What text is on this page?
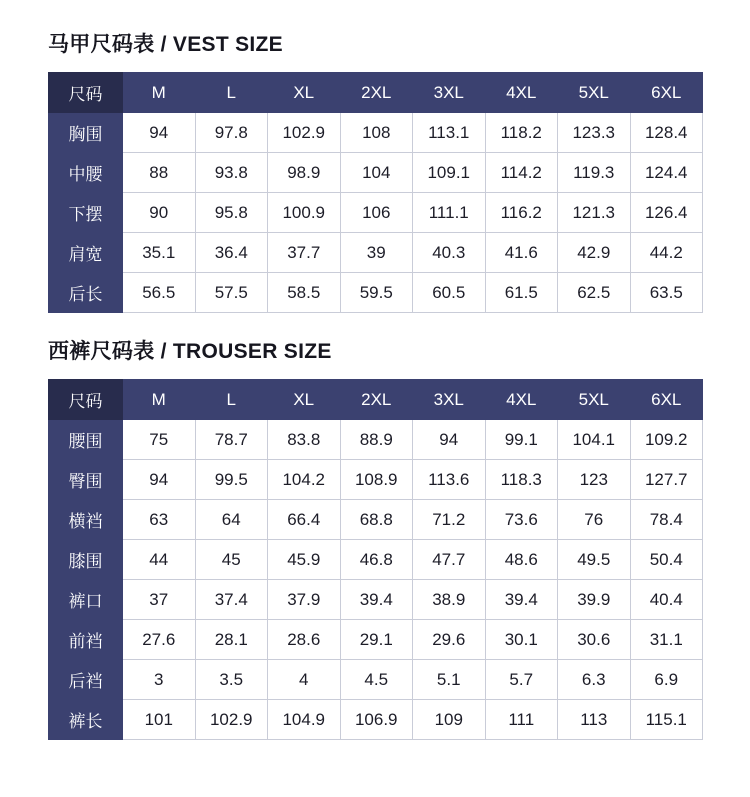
马甲尺码表 / VEST SIZE
尺码	M	L	XL	2XL	3XL	4XL	5XL	6XL
胸围	94	97.8	102.9	108	113.1	118.2	123.3	128.4
中腰	88	93.8	98.9	104	109.1	114.2	119.3	124.4
下摆	90	95.8	100.9	106	111.1	116.2	121.3	126.4
肩宽	35.1	36.4	37.7	39	40.3	41.6	42.9	44.2
后长	56.5	57.5	58.5	59.5	60.5	61.5	62.5	63.5
西裤尺码表 / TROUSER SIZE
尺码	M	L	XL	2XL	3XL	4XL	5XL	6XL
腰围	75	78.7	83.8	88.9	94	99.1	104.1	109.2
臀围	94	99.5	104.2	108.9	113.6	118.3	123	127.7
横裆	63	64	66.4	68.8	71.2	73.6	76	78.4
膝围	44	45	45.9	46.8	47.7	48.6	49.5	50.4
裤口	37	37.4	37.9	39.4	38.9	39.4	39.9	40.4
前裆	27.6	28.1	28.6	29.1	29.6	30.1	30.6	31.1
后裆	3	3.5	4	4.5	5.1	5.7	6.3	6.9
裤长	101	102.9	104.9	106.9	109	111	113	115.1
